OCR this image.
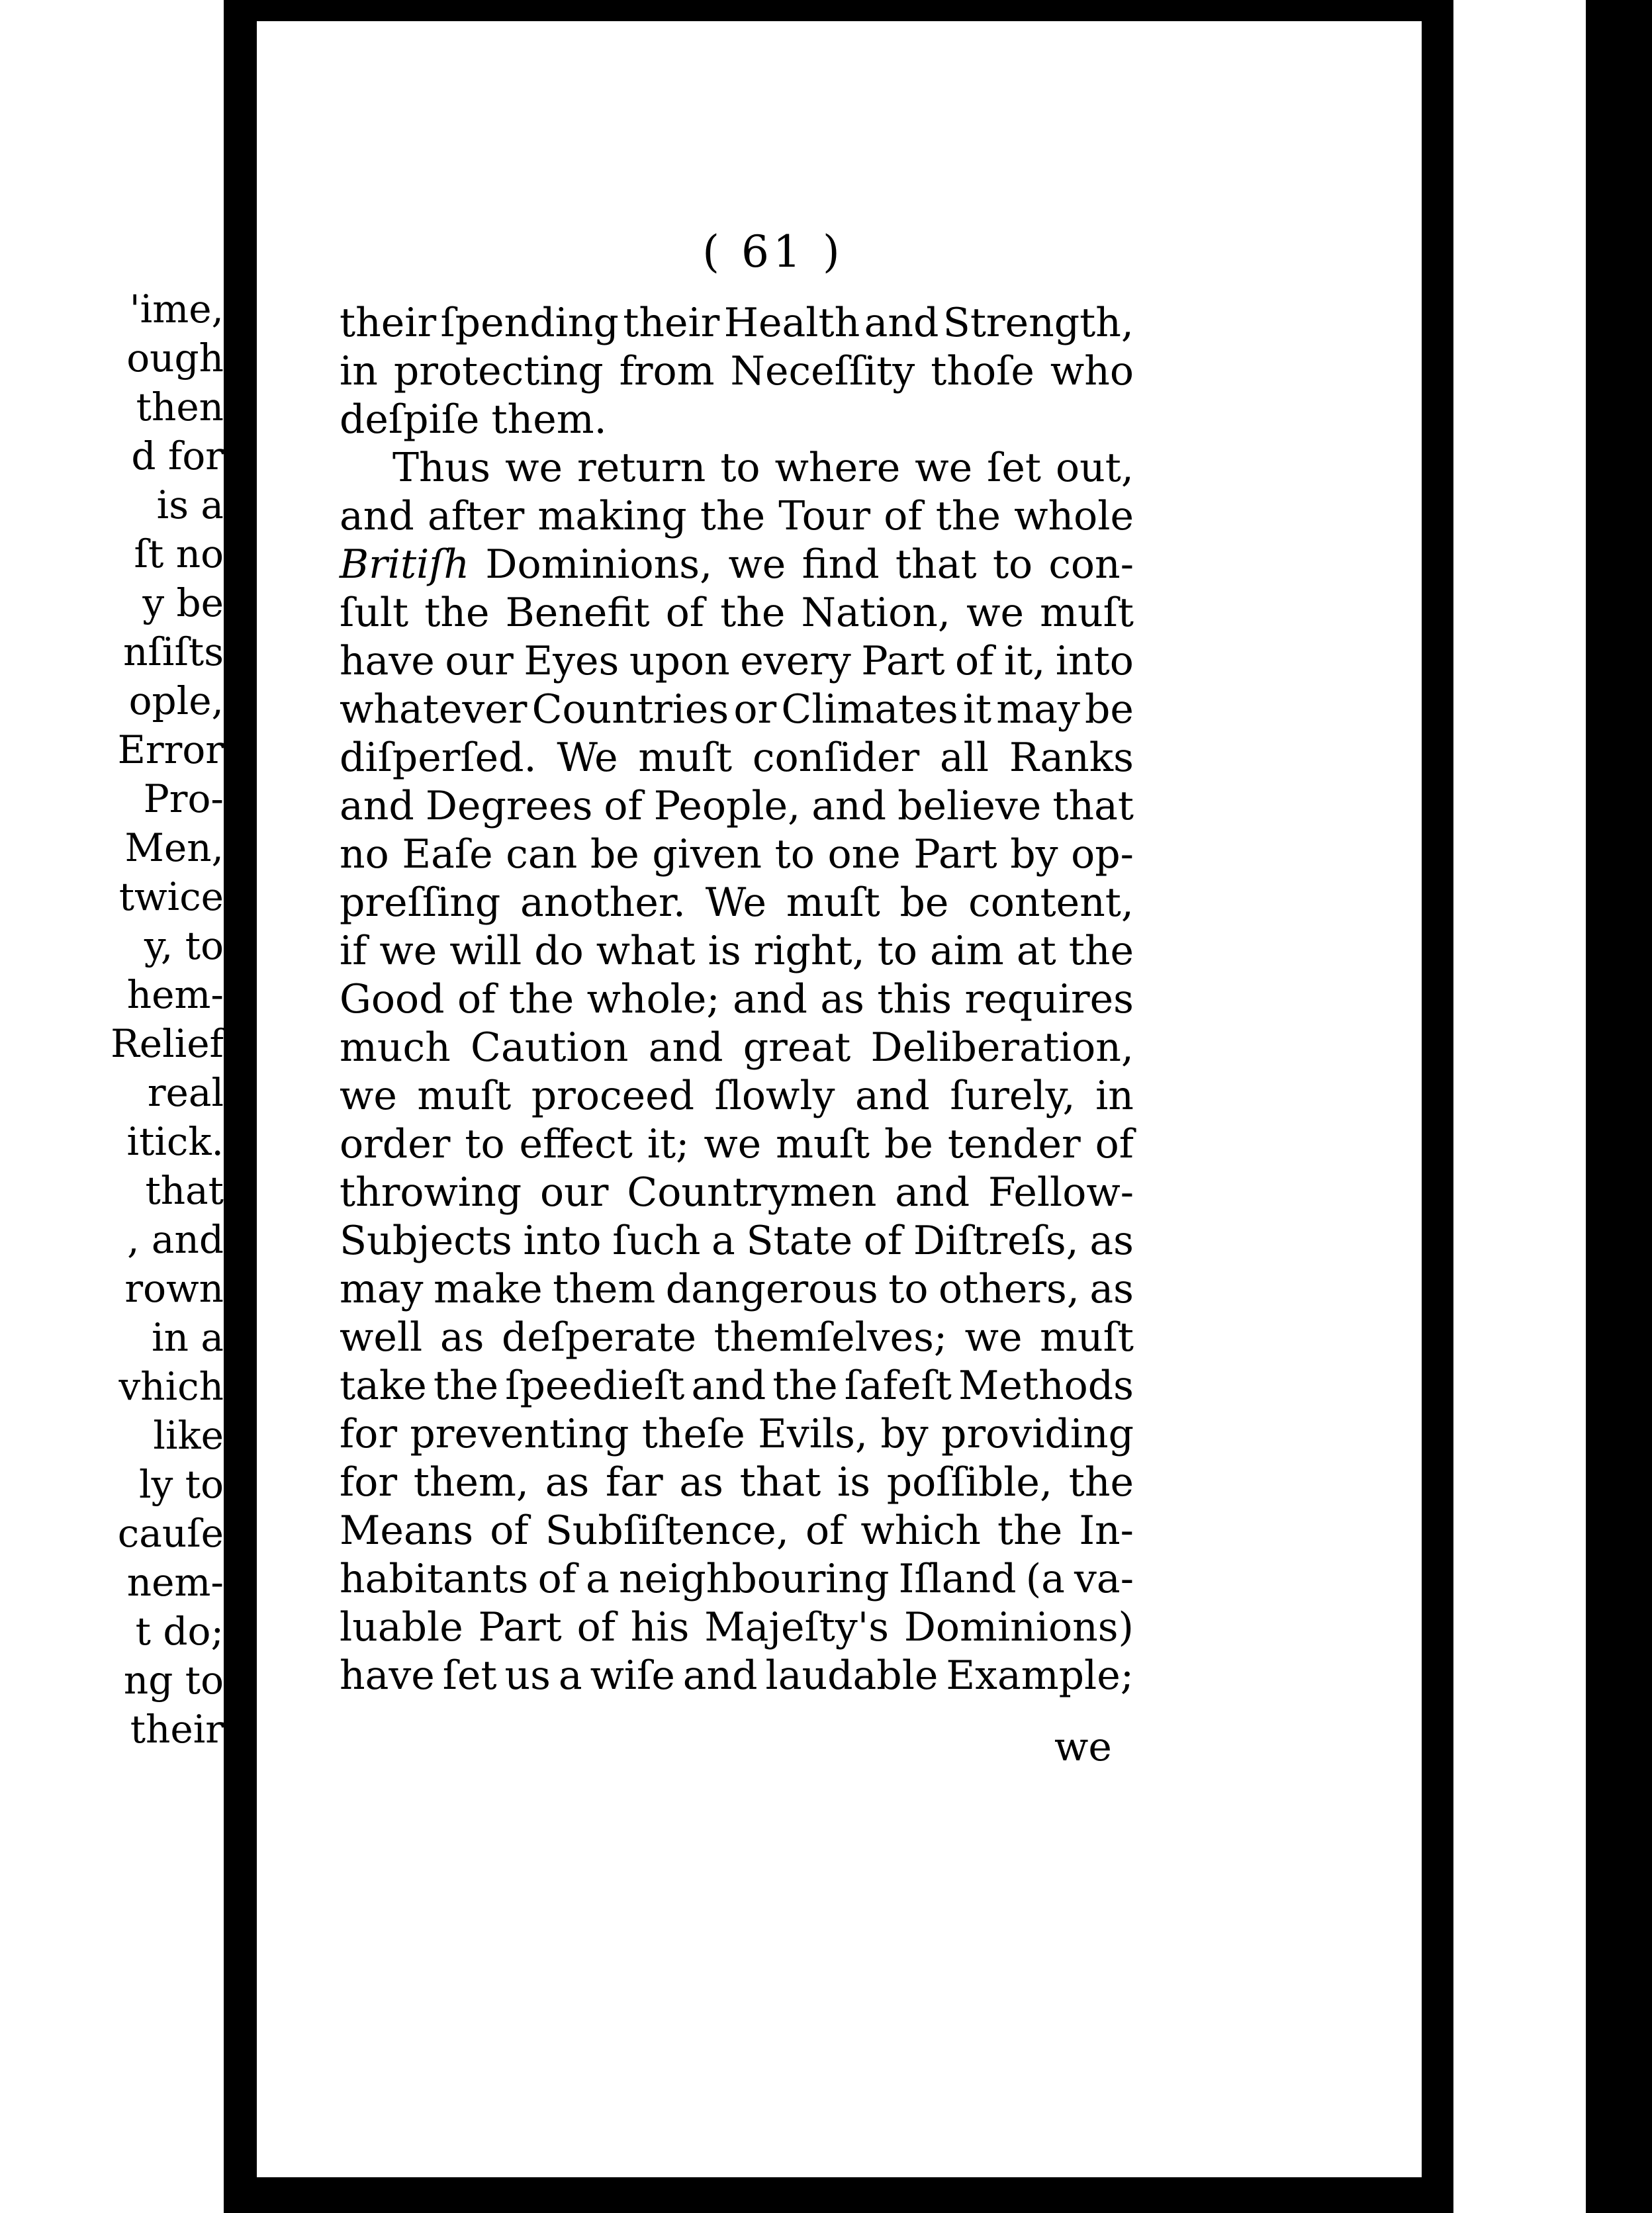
'ime,
ough
then
d for
is a
ſt no
y be
nſiſts
ople,
Error
Pro-
Men,
twice
y, to
hem-
Relief
real
itick.
that
, and
rown
in a
vhich
like
ly to
cauſe
nem-
t do;
ng to
their
( 61 )
their ſpending their Health and Strength,
in protecting from Neceſſity thoſe who
deſpiſe them.
Thus we return to where we ſet out,
and after making the Tour of the whole
Britiſh Dominions, we find that to con-
ſult the Benefit of the Nation, we muſt
have our Eyes upon every Part of it, into
whatever Countries or Climates it may be
diſperſed. We muſt conſider all Ranks
and Degrees of People, and believe that
no Eaſe can be given to one Part by op-
preſſing another. We muſt be content,
if we will do what is right, to aim at the
Good of the whole; and as this requires
much Caution and great Deliberation,
we muſt proceed ſlowly and ſurely, in
order to effect it; we muſt be tender of
throwing our Countrymen and Fellow-
Subjects into ſuch a State of Diſtreſs, as
may make them dangerous to others, as
well as deſperate themſelves; we muſt
take the ſpeedieſt and the ſafeſt Methods
for preventing theſe Evils, by providing
for them, as far as that is poſſible, the
Means of Subſiſtence, of which the In-
habitants of a neighbouring Iſland (a va-
luable Part of his Majeſty's Dominions)
have ſet us a wiſe and laudable Example;
we
